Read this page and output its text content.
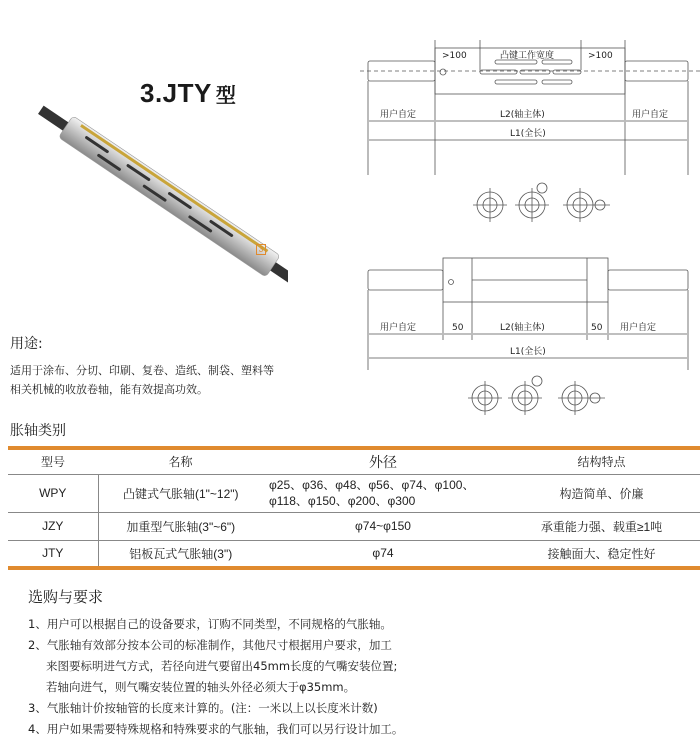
3.JTY 型
3
>100	凸键工作宽度	>100
用户自定	L2(轴主体)	用户自定
L1(全长)
用户自定	50	L2(轴主体)	50 用户自定
L1(全长)
用途:
适用于涂布、分切、印刷、复卷、造纸、制袋、塑料等
相关机械的收放卷轴，能有效提高功效。
胀轴类别
型号	名称	外径	结构特点
WPY	凸键式气胀轴(1"~12")	φ25、φ36、φ48、φ56、φ74、φ100、
φ118、φ150、φ200、φ300	构造简单、价廉
JZY	加重型气胀轴(3"~6")	φ74~φ150	承重能力强、载重≥1吨
JTY	铝板瓦式气胀轴(3")	φ74	接触面大、稳定性好
选购与要求
1、用户可以根据自己的设备要求，订购不同类型，不同规格的气胀轴。
2、气胀轴有效部分按本公司的标准制作，其他尺寸根据用户要求，加工
来图要标明进气方式，若径向进气要留出45mm长度的气嘴安装位置;
若轴向进气，则气嘴安装位置的轴头外径必须大于φ35mm。
3、气胀轴计价按轴管的长度来计算的。(注：一米以上以长度米计数)
4、用户如果需要特殊规格和特殊要求的气胀轴，我们可以另行设计加工。
